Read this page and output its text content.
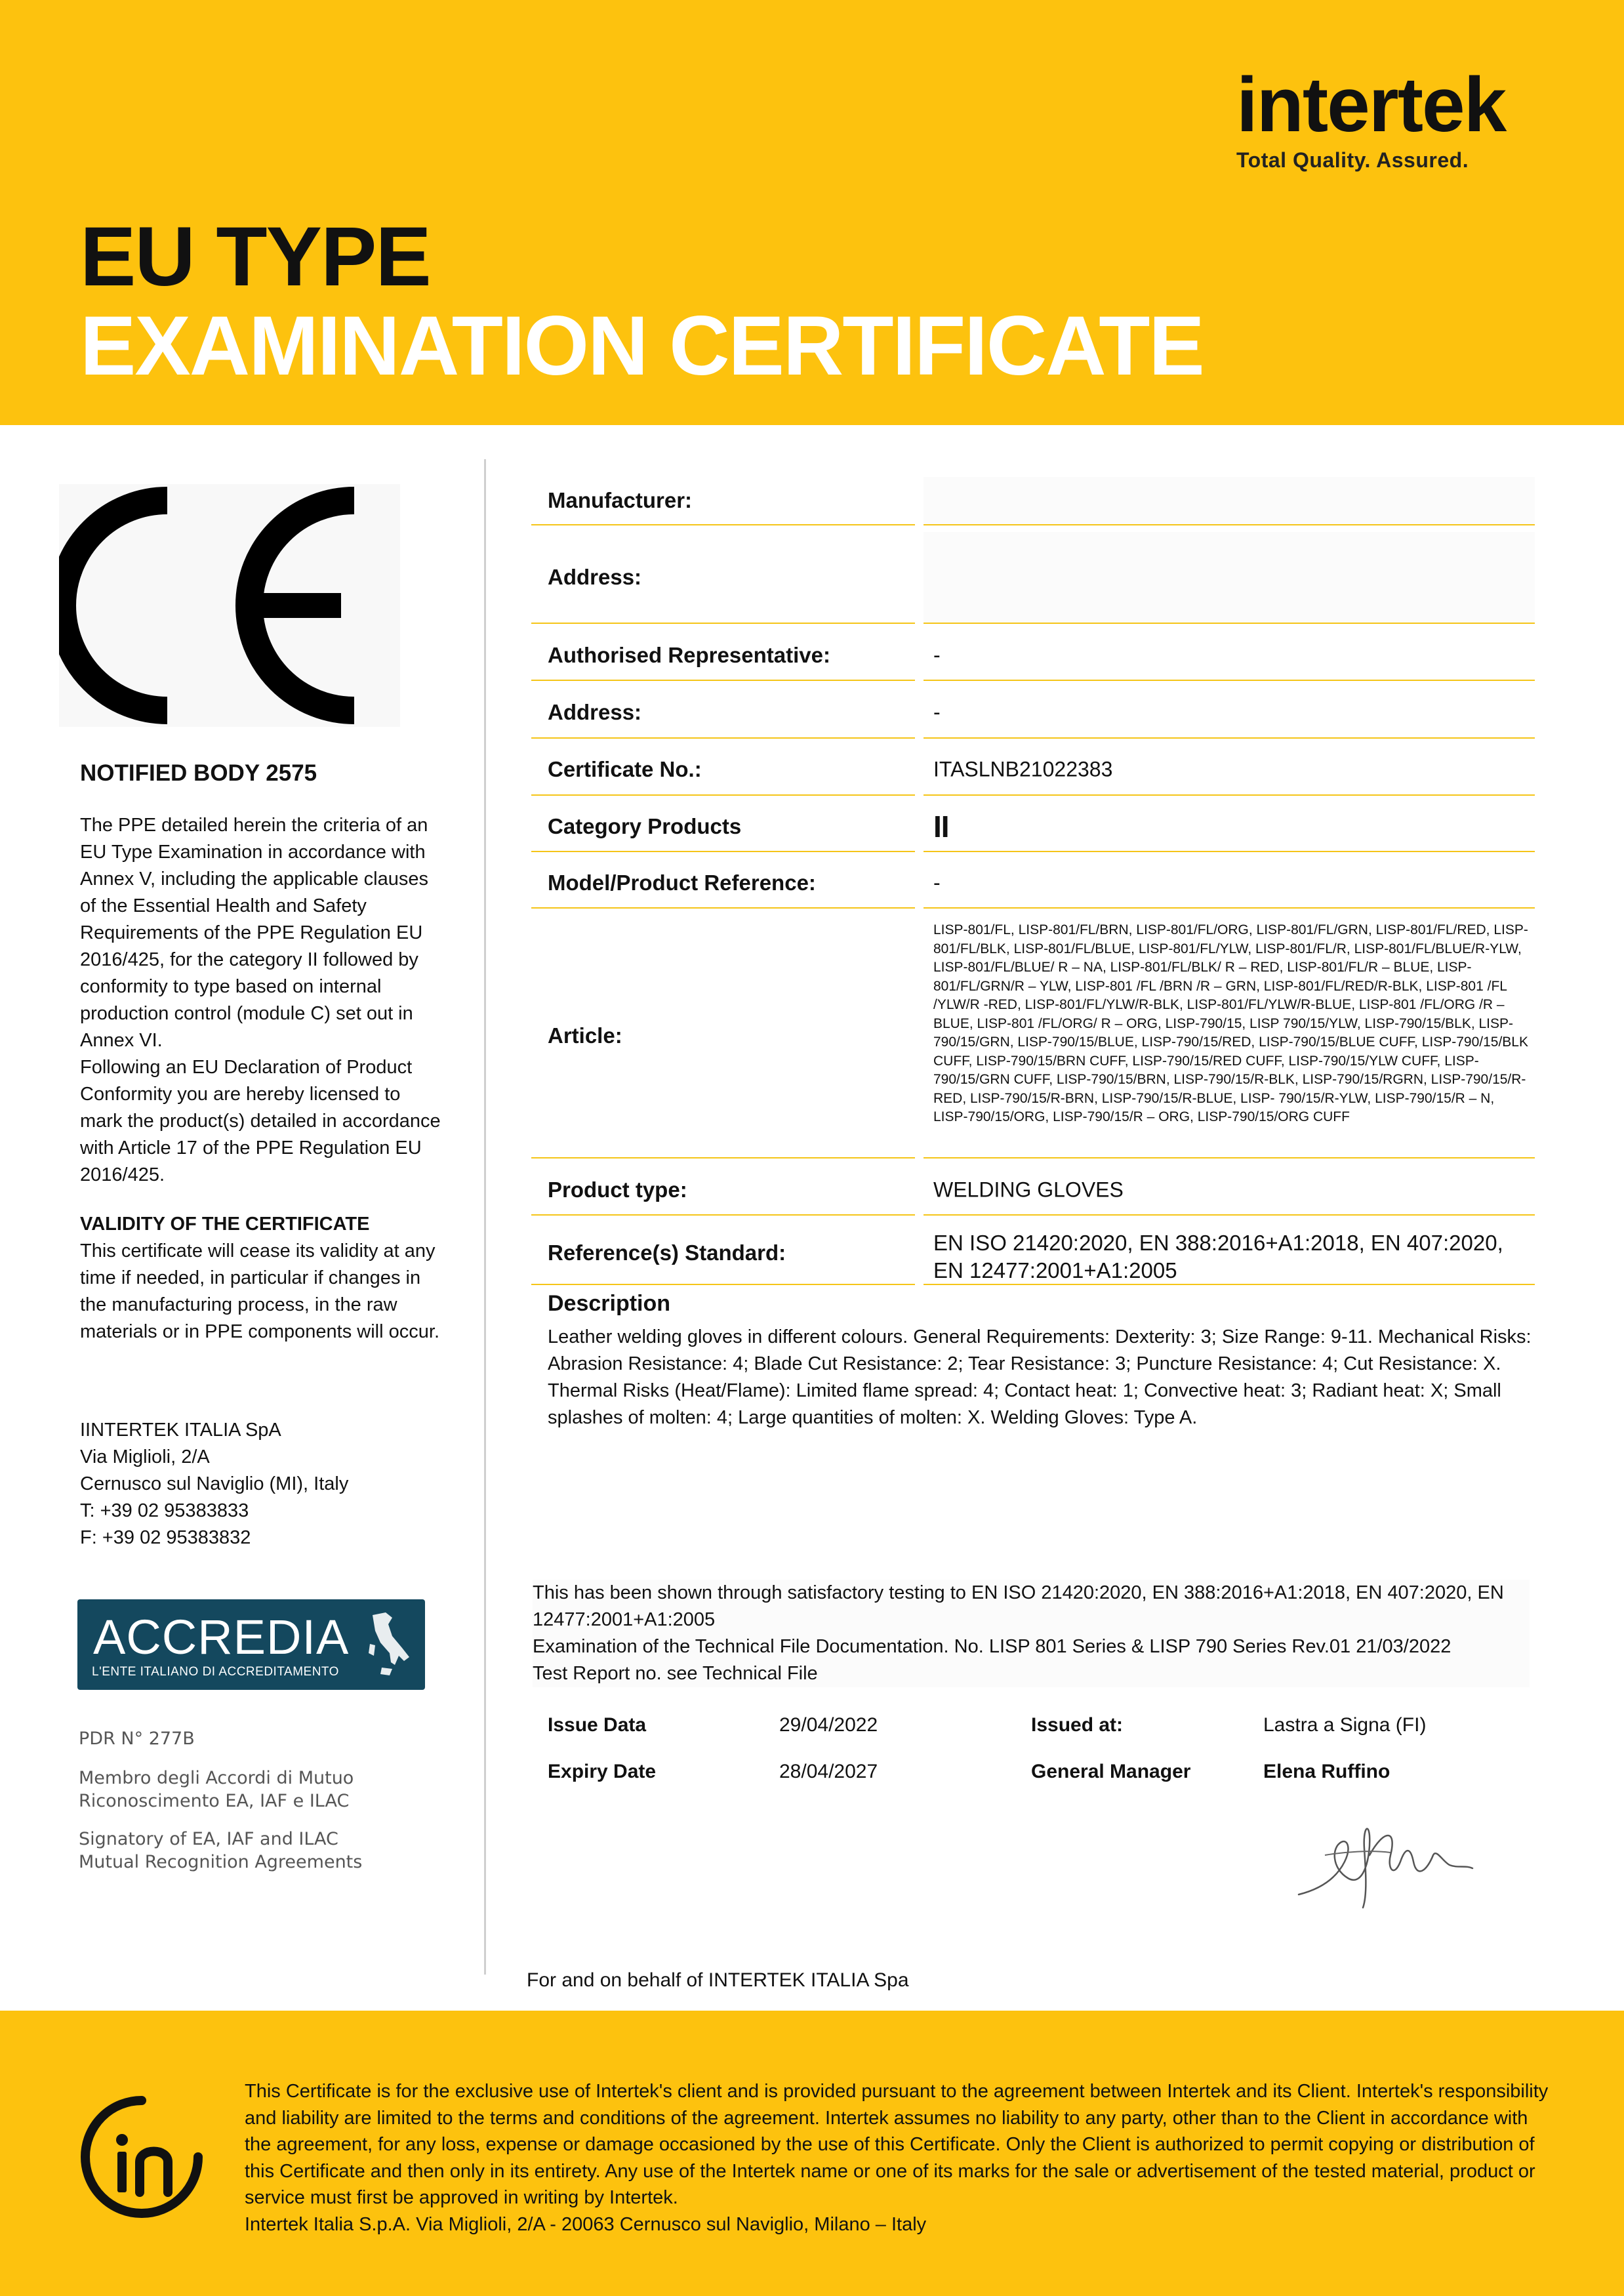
intertek
Total Quality. Assured.
EU TYPE
EXAMINATION CERTIFICATE
NOTIFIED BODY 2575
The PPE detailed herein the criteria of an EU Type Examination in accordance with Annex V, including the applicable clauses of the Essential Health and Safety Requirements of the PPE Regulation EU 2016/425, for the category II followed by conformity to type based on internal production control (module C) set out in Annex VI.
Following an EU Declaration of Product Conformity you are hereby licensed to mark the product(s) detailed in accordance with Article 17 of the PPE Regulation EU 2016/425.
VALIDITY OF THE CERTIFICATE
This certificate will cease its validity at any time if needed, in particular if changes in the manufacturing process, in the raw materials or in PPE components will occur.
IINTERTEK ITALIA SpA
Via Miglioli, 2/A
Cernusco sul Naviglio (MI), Italy
T: +39 02 95383833
F: +39 02 95383832
ACCREDIA
L'ENTE ITALIANO DI ACCREDITAMENTO
PDR N° 277B
Membro degli Accordi di Mutuo Riconoscimento EA, IAF e ILAC
Signatory of EA, IAF and ILAC Mutual Recognition Agreements
Manufacturer:
Address:
Authorised Representative:	-
Address:	-
Certificate No.:	ITASLNB21022383
Category Products	II
Model/Product Reference:	-
Article:
LISP-801/FL, LISP-801/FL/BRN, LISP-801/FL/ORG, LISP-801/FL/GRN, LISP-801/FL/RED, LISP-801/FL/BLK, LISP-801/FL/BLUE, LISP-801/FL/YLW, LISP-801/FL/R, LISP-801/FL/BLUE/R-YLW, LISP-801/FL/BLUE/ R – NA, LISP-801/FL/BLK/ R – RED, LISP-801/FL/R – BLUE, LISP-801/FL/GRN/R – YLW, LISP-801 /FL /BRN /R – GRN, LISP-801/FL/RED/R-BLK, LISP-801 /FL /YLW/R -RED, LISP-801/FL/YLW/R-BLK, LISP-801/FL/YLW/R-BLUE, LISP-801 /FL/ORG /R – BLUE, LISP-801 /FL/ORG/ R – ORG, LISP-790/15, LISP 790/15/YLW, LISP-790/15/BLK, LISP-790/15/GRN, LISP-790/15/BLUE, LISP-790/15/RED, LISP-790/15/BLUE CUFF, LISP-790/15/BLK CUFF, LISP-790/15/BRN CUFF, LISP-790/15/RED CUFF, LISP-790/15/YLW CUFF, LISP-790/15/GRN CUFF, LISP-790/15/BRN, LISP-790/15/R-BLK, LISP-790/15/RGRN, LISP-790/15/R-RED, LISP-790/15/R-BRN, LISP-790/15/R-BLUE, LISP- 790/15/R-YLW, LISP-790/15/R – N, LISP-790/15/ORG, LISP-790/15/R – ORG, LISP-790/15/ORG CUFF
Product type:	WELDING GLOVES
Reference(s) Standard:	EN ISO 21420:2020, EN 388:2016+A1:2018, EN 407:2020, EN 12477:2001+A1:2005
Description
Leather welding gloves in different colours. General Requirements: Dexterity: 3; Size Range: 9-11. Mechanical Risks: Abrasion Resistance: 4; Blade Cut Resistance: 2; Tear Resistance: 3; Puncture Resistance: 4; Cut Resistance: X. Thermal Risks (Heat/Flame): Limited flame spread: 4; Contact heat: 1; Convective heat: 3; Radiant heat: X; Small splashes of molten: 4; Large quantities of molten: X. Welding Gloves: Type A.
This has been shown through satisfactory testing to EN ISO 21420:2020, EN 388:2016+A1:2018, EN 407:2020, EN 12477:2001+A1:2005
Examination of the Technical File Documentation. No. LISP 801 Series & LISP 790 Series Rev.01 21/03/2022
Test Report no. see Technical File
Issue Data	29/04/2022	Issued at:	Lastra a Signa (FI)
Expiry Date	28/04/2027	General Manager	Elena Ruffino
For and on behalf of INTERTEK ITALIA Spa
This Certificate is for the exclusive use of Intertek's client and is provided pursuant to the agreement between Intertek and its Client. Intertek's responsibility and liability are limited to the terms and conditions of the agreement. Intertek assumes no liability to any party, other than to the Client in accordance with the agreement, for any loss, expense or damage occasioned by the use of this Certificate. Only the Client is authorized to permit copying or distribution of this Certificate and then only in its entirety. Any use of the Intertek name or one of its marks for the sale or advertisement of the tested material, product or service must first be approved in writing by Intertek.
Intertek Italia S.p.A. Via Miglioli, 2/A - 20063 Cernusco sul Naviglio, Milano – Italy
